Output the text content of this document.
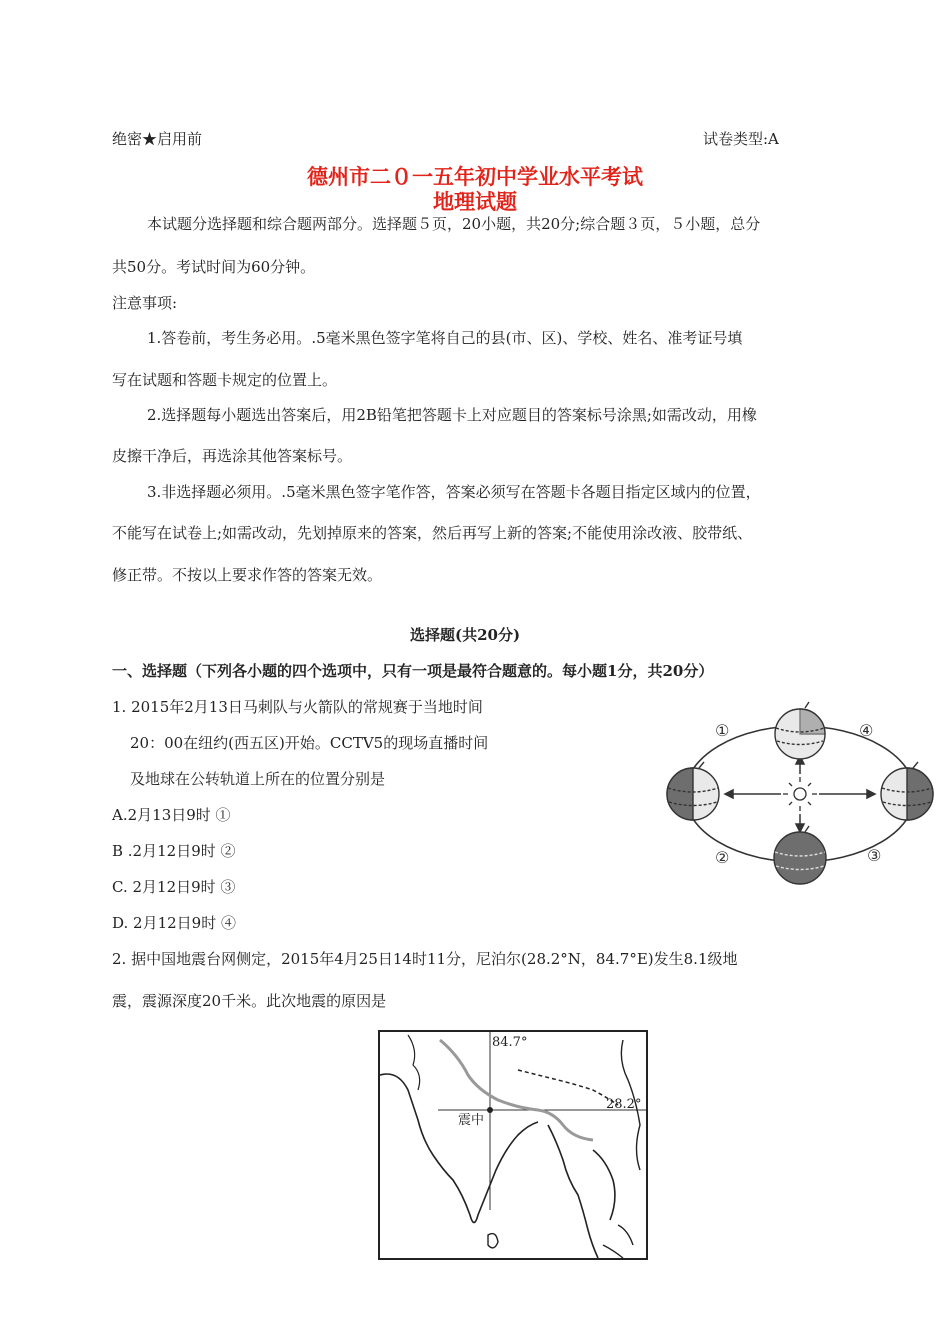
绝密★启用前	试卷类型:A
德州市二０一五年初中学业水平考试
地理试题
本试题分选择题和综合题两部分。选择题５页，20小题，共20分;综合题３页，５小题，总分
共50分。考试时间为60分钟。
注意事项:
1.答卷前，考生务必用。.5毫米黑色签字笔将自己的县(市、区)、学校、姓名、准考证号填
写在试题和答题卡规定的位置上。
2.选择题每小题选出答案后，用2B铅笔把答题卡上对应题目的答案标号涂黑;如需改动，用橡
皮擦干净后，再选涂其他答案标号。
3.非选择题必须用。.5毫米黑色签字笔作答，答案必须写在答题卡各题目指定区域内的位置，
不能写在试卷上;如需改动，先划掉原来的答案，然后再写上新的答案;不能使用涂改液、胶带纸、
修正带。不按以上要求作答的答案无效。
选择题(共20分)
一、选择题（下列各小题的四个选项中，只有一项是最符合题意的。每小题1分，共20分）
1. 2015年2月13日马刺队与火箭队的常规赛于当地时间
20：00在纽约(西五区)开始。CCTV5的现场直播时间
及地球在公转轨道上所在的位置分别是
A.2月13日9时 ①
B .2月12日9时 ②
C. 2月12日9时 ③
D. 2月12日9时 ④
①	④
②	③
2. 据中国地震台网侧定，2015年4月25日14时11分，尼泊尔(28.2°N，84.7°E)发生8.1级地
震，震源深度20千米。此次地震的原因是
84.7°
28.2°
震中
